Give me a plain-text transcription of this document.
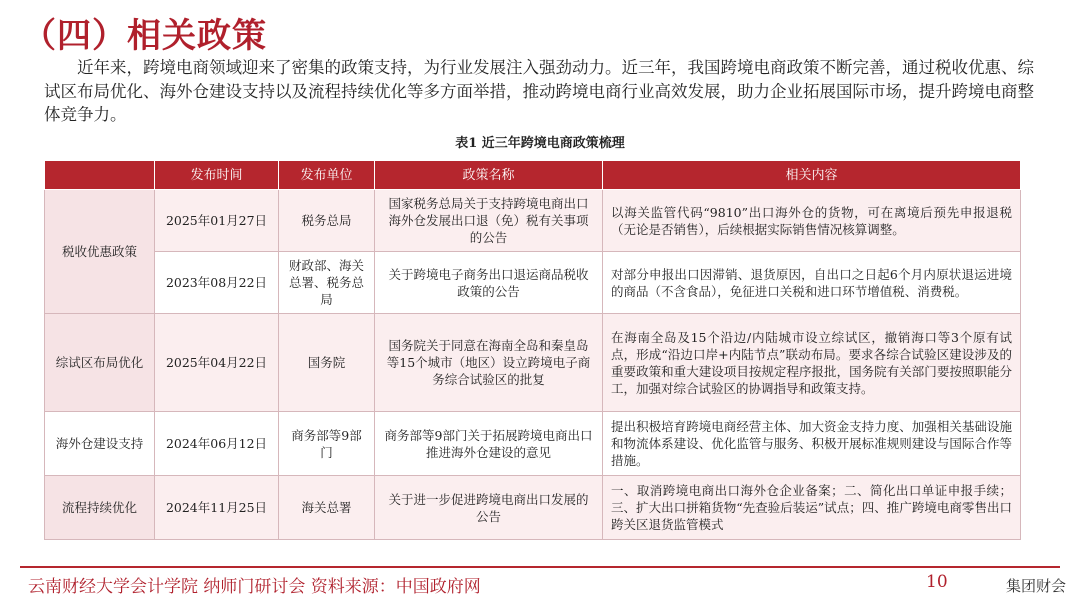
（四）相关政策

近年来，跨境电商领域迎来了密集的政策支持，为行业发展注入强劲动力。近三年，我国跨境电商政策不断完善，通过税收优惠、综试区布局优化、海外仓建设支持以及流程持续优化等多方面举措，推动跨境电商行业高效发展，助力企业拓展国际市场，提升跨境电商整体竞争力。

表1 近三年跨境电商政策梳理
	发布时间	发布单位	政策名称	相关内容
税收优惠政策	2025年01月27日	税务总局	国家税务总局关于支持跨境电商出口海外仓发展出口退（免）税有关事项的公告	以海关监管代码“9810”出口海外仓的货物，可在离境后预先申报退税（无论是否销售），后续根据实际销售情况核算调整。
	2023年08月22日	财政部、海关总署、税务总局	关于跨境电子商务出口退运商品税收政策的公告	对部分申报出口因滞销、退货原因，自出口之日起6个月内原状退运进境的商品（不含食品），免征进口关税和进口环节增值税、消费税。
综试区布局优化	2025年04月22日	国务院	国务院关于同意在海南全岛和秦皇岛等15个城市（地区）设立跨境电子商务综合试验区的批复	在海南全岛及15个沿边/内陆城市设立综试区，撤销海口等3个原有试点，形成“沿边口岸+内陆节点”联动布局。要求各综合试验区建设涉及的重要政策和重大建设项目按规定程序报批，国务院有关部门要按照职能分工，加强对综合试验区的协调指导和政策支持。
海外仓建设支持	2024年06月12日	商务部等9部门	商务部等9部门关于拓展跨境电商出口推进海外仓建设的意见	提出积极培育跨境电商经营主体、加大资金支持力度、加强相关基础设施和物流体系建设、优化监管与服务、积极开展标准规则建设与国际合作等措施。
流程持续优化	2024年11月25日	海关总署	关于进一步促进跨境电商出口发展的公告	一、取消跨境电商出口海外仓企业备案；二、简化出口单证申报手续；三、扩大出口拼箱货物“先查验后装运”试点；四、推广跨境电商零售出口跨关区退货监管模式
云南财经大学会计学院 纳师门研讨会 资料来源：中国政府网	10	集团财会
